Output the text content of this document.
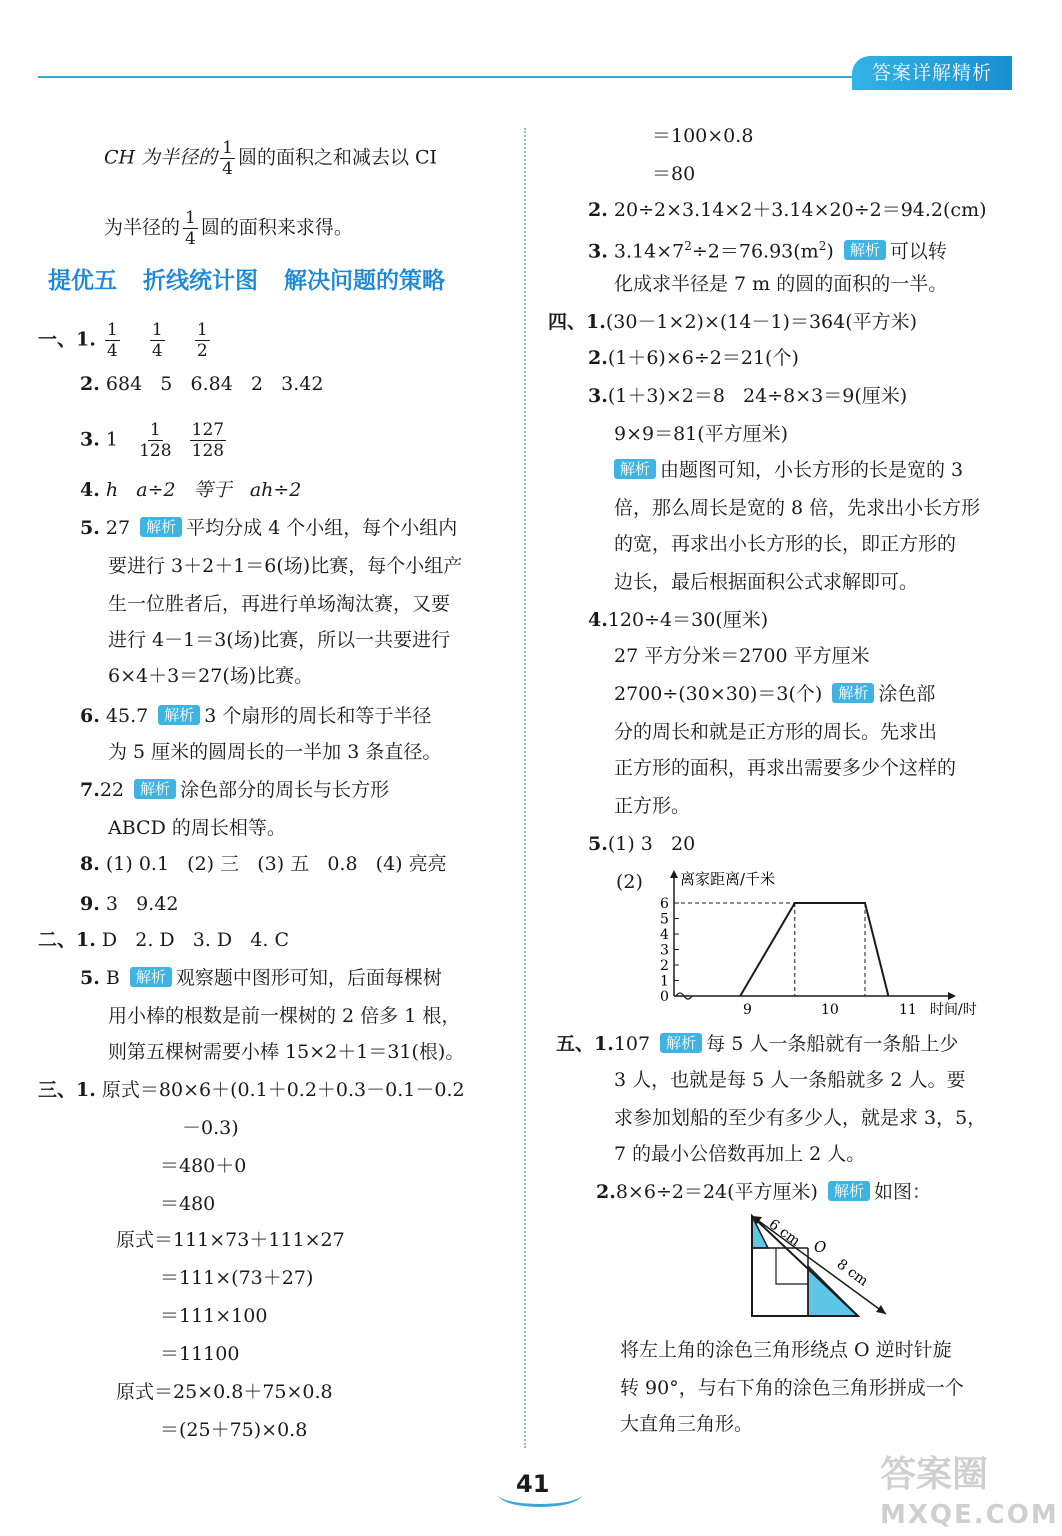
答案详解精析
CH 为半径的 $\frac{1}{4}$ 圆的面积之和减去以 CI
为半径的 $\frac{1}{4}$ 圆的面积来求得。
提优五 折线统计图 解决问题的策略
一、1. $\frac{1}{4}$
$\frac{1}{4}$
$\frac{1}{2}$
2. 684   5   6.84   2   3.42
3. $1 \frac{1}{128}$
$\frac{127}{128}$
4. h   a÷2   等于   ah÷2
5. 27 解析 平均分成 4 个小组，每个小组内
要进行 3＋2＋1＝6(场)比赛，每个小组产
生一位胜者后，再进行单场淘汰赛，又要
进行 4－1＝3(场)比赛，所以一共要进行
6×4＋3＝27(场)比赛。
6. 45.7 解析 3 个扇形的周长和等于半径
为 5 厘米的圆周长的一半加 3 条直径。
7.22 解析 涂色部分的周长与长方形
ABCD 的周长相等。
8. (1) 0.1   (2) 三   (3) 五   0.8   (4) 亮亮
9. 3   9.42
二、1. D   2. D   3. D   4. C
5. B 解析 观察题中图形可知，后面每棵树
用小棒的根数是前一棵树的 2 倍多 1 根，
则第五棵树需要小棒 15×2＋1＝31(根)。
三、1. 原式＝80×6＋(0.1＋0.2＋0.3－0.1－0.2
－0.3)
＝480＋0
＝480
原式＝111×73＋111×27
＝111×(73＋27)
＝111×100
＝11100
原式＝25×0.8＋75×0.8
＝(25＋75)×0.8
＝100×0.8
＝80
2. 20÷2×3.14×2＋3.14×20÷2＝94.2(cm)
3. $3.14\times 7^2\div 2=76.93(m^2)$ 解析 可以转
化成求半径是 7 m 的圆的面积的一半。
四、1.(30－1×2)×(14－1)＝364(平方米)
2.(1＋6)×6÷2＝21(个)
3.(1＋3)×2＝8   24÷8×3＝9(厘米)
9×9＝81(平方厘米)
解析 由题图可知，小长方形的长是宽的 3
倍，那么周长是宽的 8 倍，先求出小长方形
的宽，再求出小长方形的长，即正方形的
边长，最后根据面积公式求解即可。
4.120÷4＝30(厘米)
27 平方分米＝2700 平方厘米
2700÷(30×30)＝3(个) 解析 涂色部
分的周长和就是正方形的周长。先求出
正方形的面积，再求出需要多少个这样的
正方形。
5.(1) 3   20
(2)
0
1
2
3
4
5
6
9	10	11
离家距离/千米
时间/时
五、1.107 解析 每 5 人一条船就有一条船上少
3 人，也就是每 5 人一条船就多 2 人。要
求参加划船的至少有多少人，就是求 3，5，
7 的最小公倍数再加上 2 人。
2.8×6÷2＝24(平方厘米) 解析 如图：
6 cm O
8 cm
将左上角的涂色三角形绕点 O 逆时针旋
转 90°，与右下角的涂色三角形拼成一个
大直角三角形。
41	答案圈
MXQE.COM
